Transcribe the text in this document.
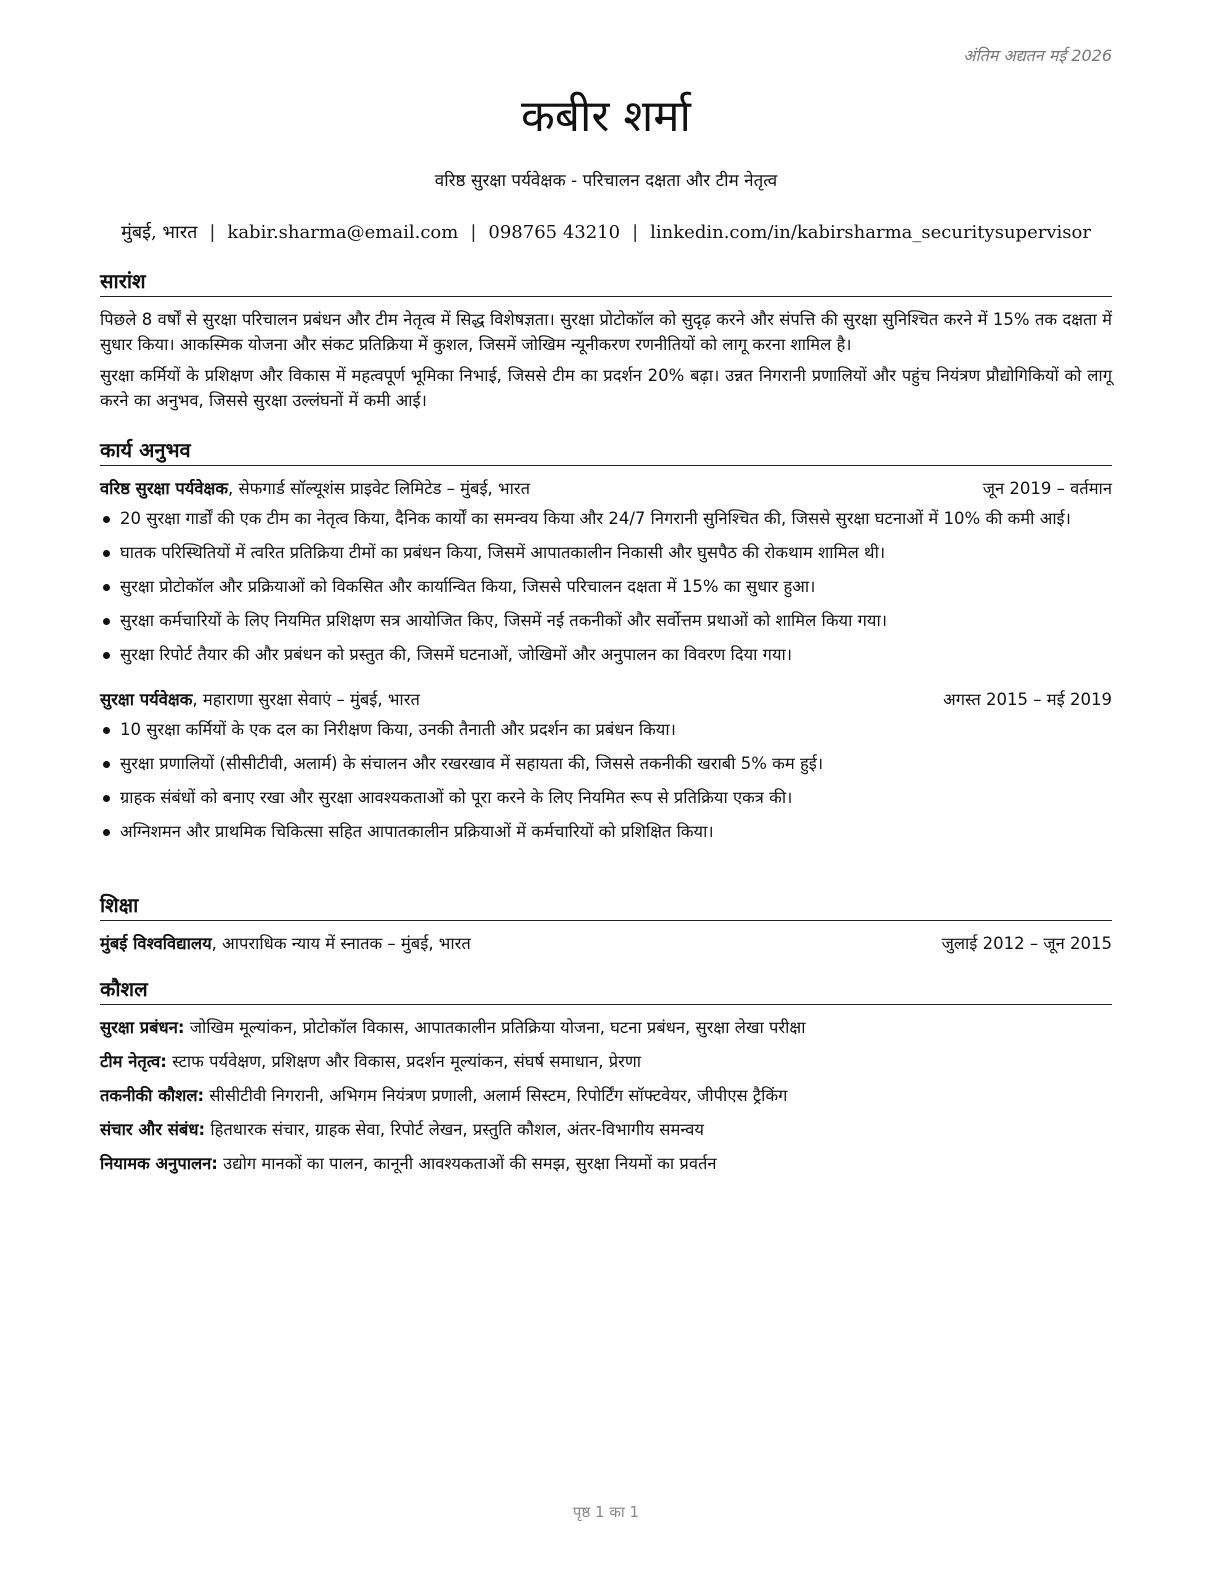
अंतिम अद्यतन मई 2026
कबीर शर्मा
वरिष्ठ सुरक्षा पर्यवेक्षक - परिचालन दक्षता और टीम नेतृत्व
मुंबई, भारत | kabir.sharma@email.com | 098765 43210 | linkedin.com/in/kabirsharma_securitysupervisor
सारांश

पिछले 8 वर्षों से सुरक्षा परिचालन प्रबंधन और टीम नेतृत्व में सिद्ध विशेषज्ञता। सुरक्षा प्रोटोकॉल को सुदृढ़ करने और संपत्ति की सुरक्षा सुनिश्चित करने में 15% तक दक्षता में सुधार किया। आकस्मिक योजना और संकट प्रतिक्रिया में कुशल, जिसमें जोखिम न्यूनीकरण रणनीतियों को लागू करना शामिल है।

सुरक्षा कर्मियों के प्रशिक्षण और विकास में महत्वपूर्ण भूमिका निभाई, जिससे टीम का प्रदर्शन 20% बढ़ा। उन्नत निगरानी प्रणालियों और पहुंच नियंत्रण प्रौद्योगिकियों को लागू करने का अनुभव, जिससे सुरक्षा उल्लंघनों में कमी आई।

कार्य अनुभव
वरिष्ठ सुरक्षा पर्यवेक्षक, सेफगार्ड सॉल्यूशंस प्राइवेट लिमिटेड – मुंबई, भारत	जून 2019 – वर्तमान
20 सुरक्षा गार्डों की एक टीम का नेतृत्व किया, दैनिक कार्यों का समन्वय किया और 24/7 निगरानी सुनिश्चित की, जिससे सुरक्षा घटनाओं में 10% की कमी आई।
घातक परिस्थितियों में त्वरित प्रतिक्रिया टीमों का प्रबंधन किया, जिसमें आपातकालीन निकासी और घुसपैठ की रोकथाम शामिल थी।
सुरक्षा प्रोटोकॉल और प्रक्रियाओं को विकसित और कार्यान्वित किया, जिससे परिचालन दक्षता में 15% का सुधार हुआ।
सुरक्षा कर्मचारियों के लिए नियमित प्रशिक्षण सत्र आयोजित किए, जिसमें नई तकनीकों और सर्वोत्तम प्रथाओं को शामिल किया गया।
सुरक्षा रिपोर्ट तैयार की और प्रबंधन को प्रस्तुत की, जिसमें घटनाओं, जोखिमों और अनुपालन का विवरण दिया गया।
सुरक्षा पर्यवेक्षक, महाराणा सुरक्षा सेवाएं – मुंबई, भारत	अगस्त 2015 – मई 2019
10 सुरक्षा कर्मियों के एक दल का निरीक्षण किया, उनकी तैनाती और प्रदर्शन का प्रबंधन किया।
सुरक्षा प्रणालियों (सीसीटीवी, अलार्म) के संचालन और रखरखाव में सहायता की, जिससे तकनीकी खराबी 5% कम हुई।
ग्राहक संबंधों को बनाए रखा और सुरक्षा आवश्यकताओं को पूरा करने के लिए नियमित रूप से प्रतिक्रिया एकत्र की।
अग्निशमन और प्राथमिक चिकित्सा सहित आपातकालीन प्रक्रियाओं में कर्मचारियों को प्रशिक्षित किया।
शिक्षा
मुंबई विश्वविद्यालय, आपराधिक न्याय में स्नातक – मुंबई, भारत	जुलाई 2012 – जून 2015
कौशल
सुरक्षा प्रबंधन: जोखिम मूल्यांकन, प्रोटोकॉल विकास, आपातकालीन प्रतिक्रिया योजना, घटना प्रबंधन, सुरक्षा लेखा परीक्षा
टीम नेतृत्व: स्टाफ पर्यवेक्षण, प्रशिक्षण और विकास, प्रदर्शन मूल्यांकन, संघर्ष समाधान, प्रेरणा
तकनीकी कौशल: सीसीटीवी निगरानी, अभिगम नियंत्रण प्रणाली, अलार्म सिस्टम, रिपोर्टिंग सॉफ्टवेयर, जीपीएस ट्रैकिंग
संचार और संबंध: हितधारक संचार, ग्राहक सेवा, रिपोर्ट लेखन, प्रस्तुति कौशल, अंतर-विभागीय समन्वय
नियामक अनुपालन: उद्योग मानकों का पालन, कानूनी आवश्यकताओं की समझ, सुरक्षा नियमों का प्रवर्तन
पृष्ठ 1 का 1
